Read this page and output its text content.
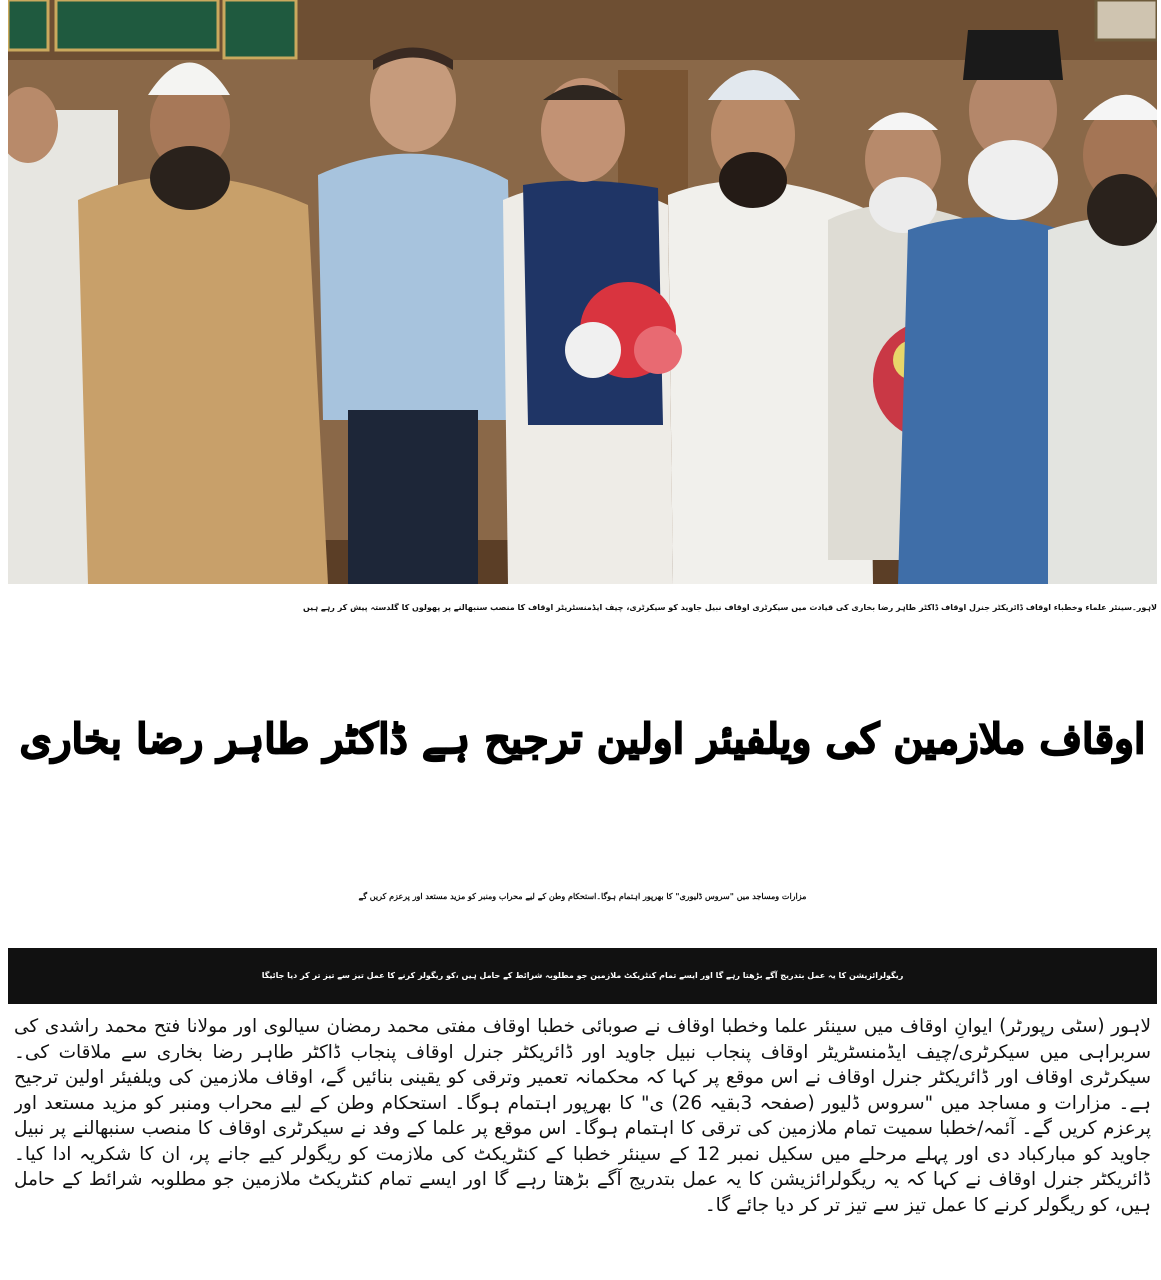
لاہور۔سینئر علماء وخطباء اوقاف ڈائریکٹر جنرل اوقاف ڈاکٹر طاہر رضا بخاری کی قیادت میں سیکرٹری اوقاف نبیل جاوید کو سیکرٹری، چیف ایڈمنسٹریٹر اوقاف کا منصب سنبھالنے پر پھولوں کا گلدستہ پیش کر رہے ہیں
اوقاف ملازمین کی ویلفیئر اولین ترجیح ہے ڈاکٹر طاہر رضا بخاری
مزارات ومساجد میں "سروس ڈلیوری" کا بھرپور اہتمام ہوگا۔استحکام وطن کے لیے محراب ومنبر کو مزید مستعد اور پرعزم کریں گے
ریگولرائزیشن کا یہ عمل بتدریج آگے بڑھتا رہے گا اور ایسے تمام کنٹریکٹ ملازمین جو مطلوبہ شرائط کے حامل ہیں ،کو ریگولر کرنے کا عمل تیز سے تیز تر کر دیا جائیگا

لاہور (سٹی رپورٹر) ایوانِ اوقاف میں سینئر علما وخطبا اوقاف نے صوبائی خطبا اوقاف مفتی محمد رمضان سیالوی اور مولانا فتح محمد راشدی کی سربراہی میں سیکرٹری/چیف ایڈمنسٹریٹر اوقاف پنجاب نبیل جاوید اور ڈائریکٹر جنرل اوقاف پنجاب ڈاکٹر طاہر رضا بخاری سے ملاقات کی۔ سیکرٹری اوقاف اور ڈائریکٹر جنرل اوقاف نے اس موقع پر کہا کہ محکمانہ تعمیر وترقی کو یقینی بنائیں گے، اوقاف ملازمین کی ویلفیئر اولین ترجیح ہے۔ مزارات و مساجد میں "سروس ڈلیور (صفحہ 3بقیہ 26) ی" کا بھرپور اہتمام ہوگا۔ استحکام وطن کے لیے محراب ومنبر کو مزید مستعد اور پرعزم کریں گے۔ آئمہ/خطبا سمیت تمام ملازمین کی ترقی کا اہتمام ہوگا۔ اس موقع پر علما کے وفد نے سیکرٹری اوقاف کا منصب سنبھالنے پر نبیل جاوید کو مبارکباد دی اور پہلے مرحلے میں سکیل نمبر 12 کے سینئر خطبا کے کنٹریکٹ کی ملازمت کو ریگولر کیے جانے پر، ان کا شکریہ ادا کیا۔ ڈائریکٹر جنرل اوقاف نے کہا کہ یہ ریگولرائزیشن کا یہ عمل بتدریج آگے بڑھتا رہے گا اور ایسے تمام کنٹریکٹ ملازمین جو مطلوبہ شرائط کے حامل ہیں، کو ریگولر کرنے کا عمل تیز سے تیز تر کر دیا جائے گا۔
